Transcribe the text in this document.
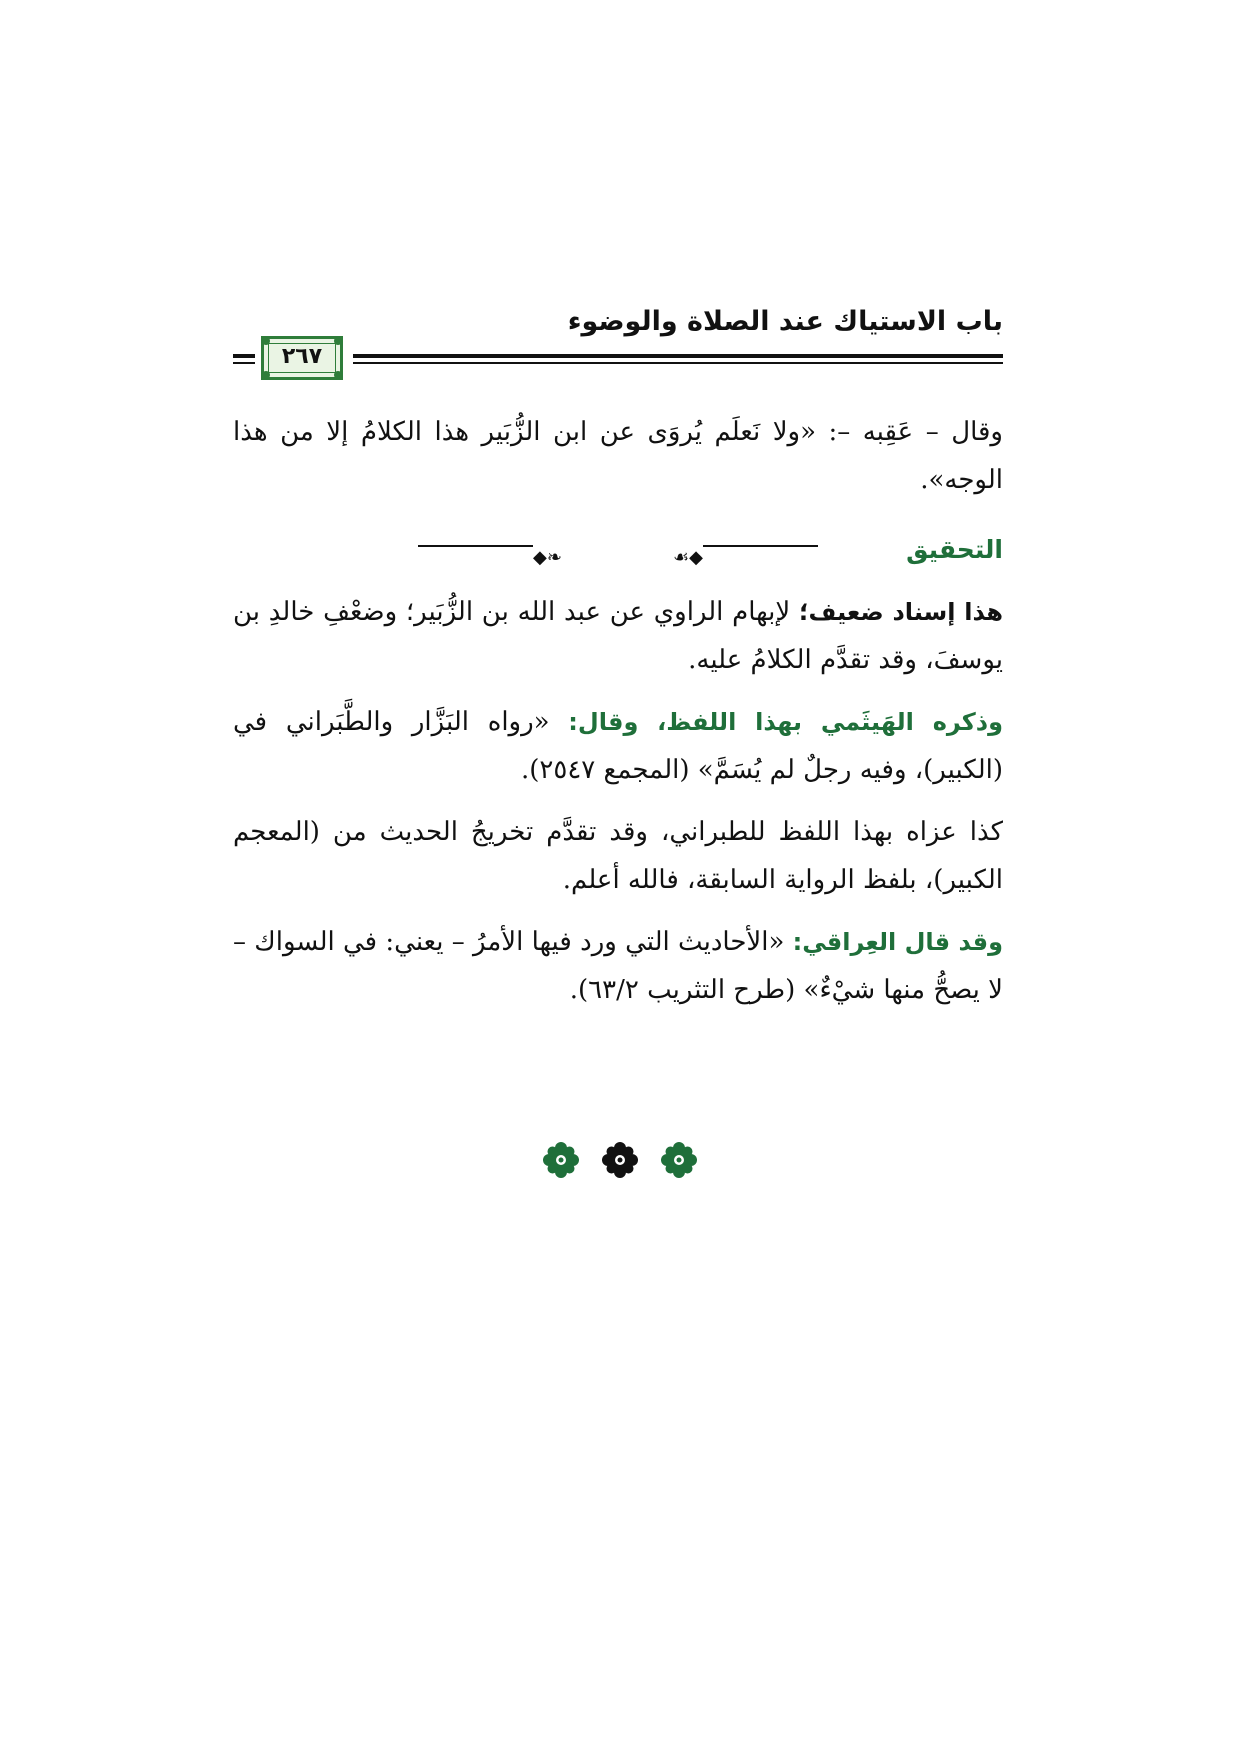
باب الاستياك عند الصلاة والوضوء
٢٦٧

وقال – عَقِبه –: «ولا نَعلَم يُروَى عن ابن الزُّبَير هذا الكلامُ إلا من هذا الوجه».

◆❧	التحقيق
☙◆

هذا إسناد ضعيف؛ لإبهام الراوي عن عبد الله بن الزُّبَير؛ وضعْفِ خالدِ بن يوسفَ، وقد تقدَّم الكلامُ عليه.

وذكره الهَيثَمي بهذا اللفظ، وقال: «رواه البَزَّار والطَّبَراني في (الكبير)، وفيه رجلٌ لم يُسَمَّ» (المجمع ٢٥٤٧).

كذا عزاه بهذا اللفظ للطبراني، وقد تقدَّم تخريجُ الحديث من (المعجم الكبير)، بلفظ الرواية السابقة، فالله أعلم.

وقد قال العِراقي: «الأحاديث التي ورد فيها الأمرُ – يعني: في السواك – لا يصحُّ منها شيْءٌ» (طرح التثريب ٦٣/٢).
